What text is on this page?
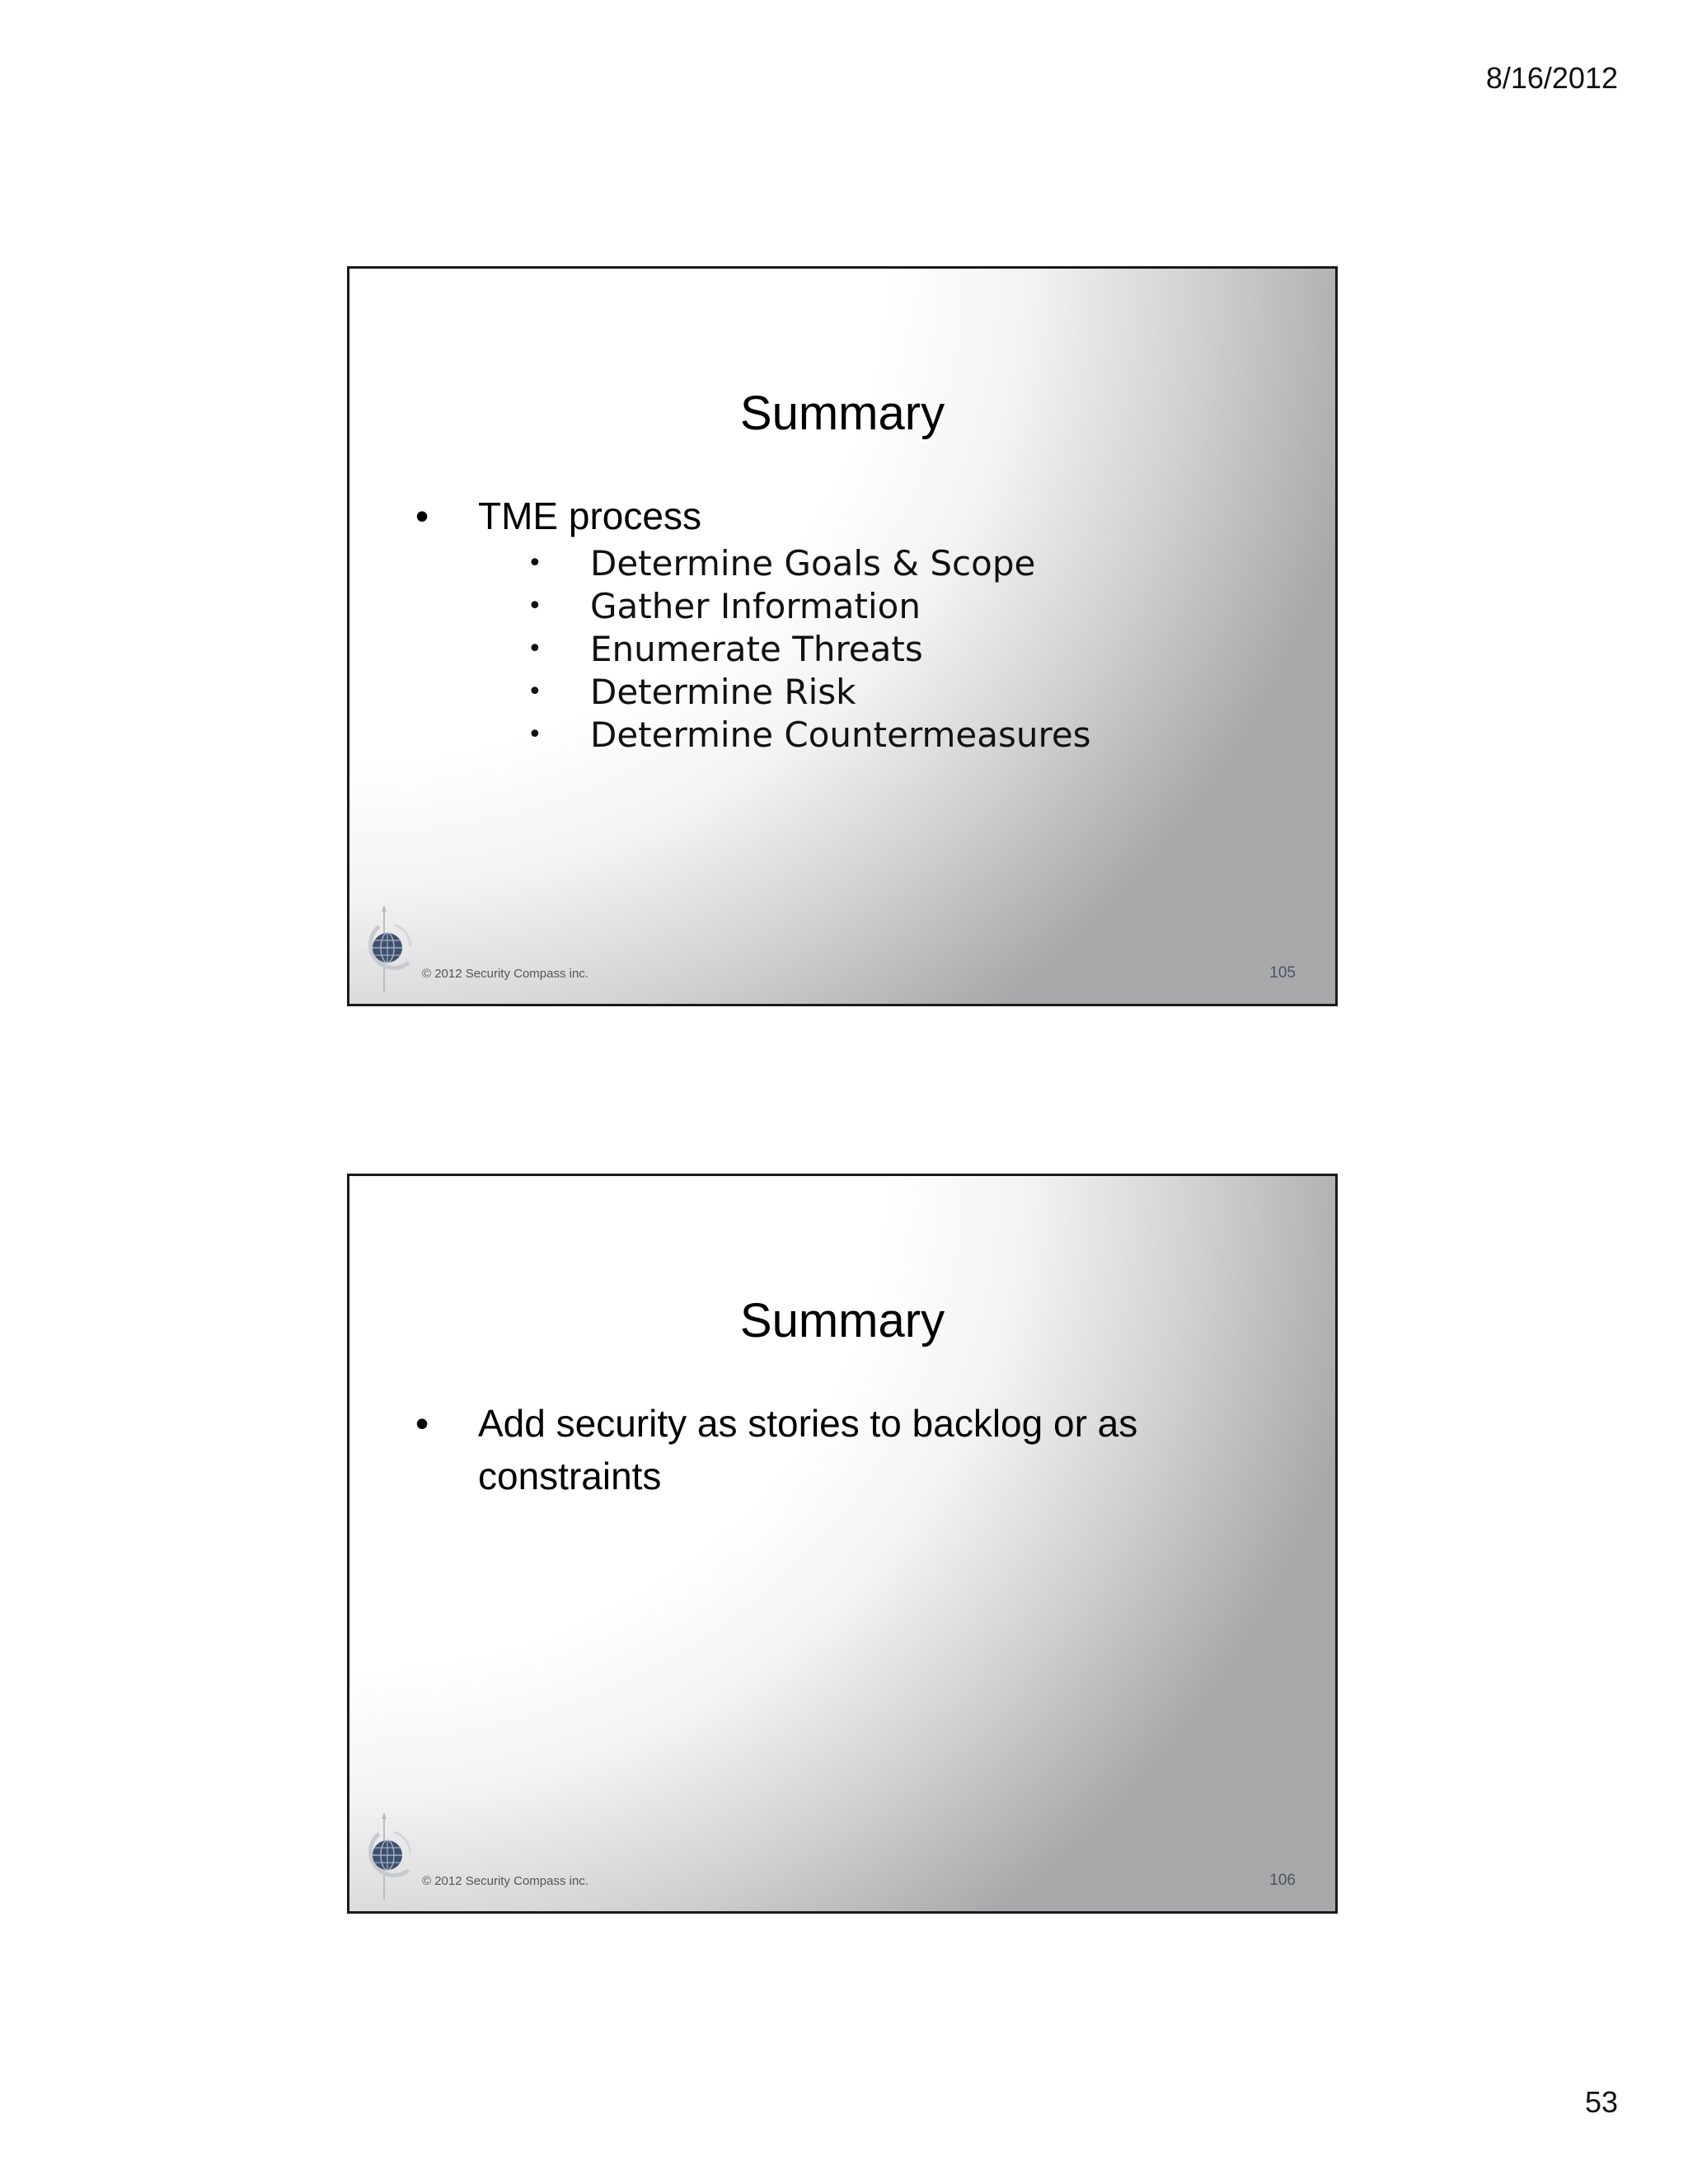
8/16/2012
Summary
• TME process
• Determine Goals & Scope
• Gather Information
• Enumerate Threats
• Determine Risk
• Determine Countermeasures
© 2012 Security Compass inc.	105
Summary
• Add security as stories to backlog or as constraints
© 2012 Security Compass inc.	106
53
